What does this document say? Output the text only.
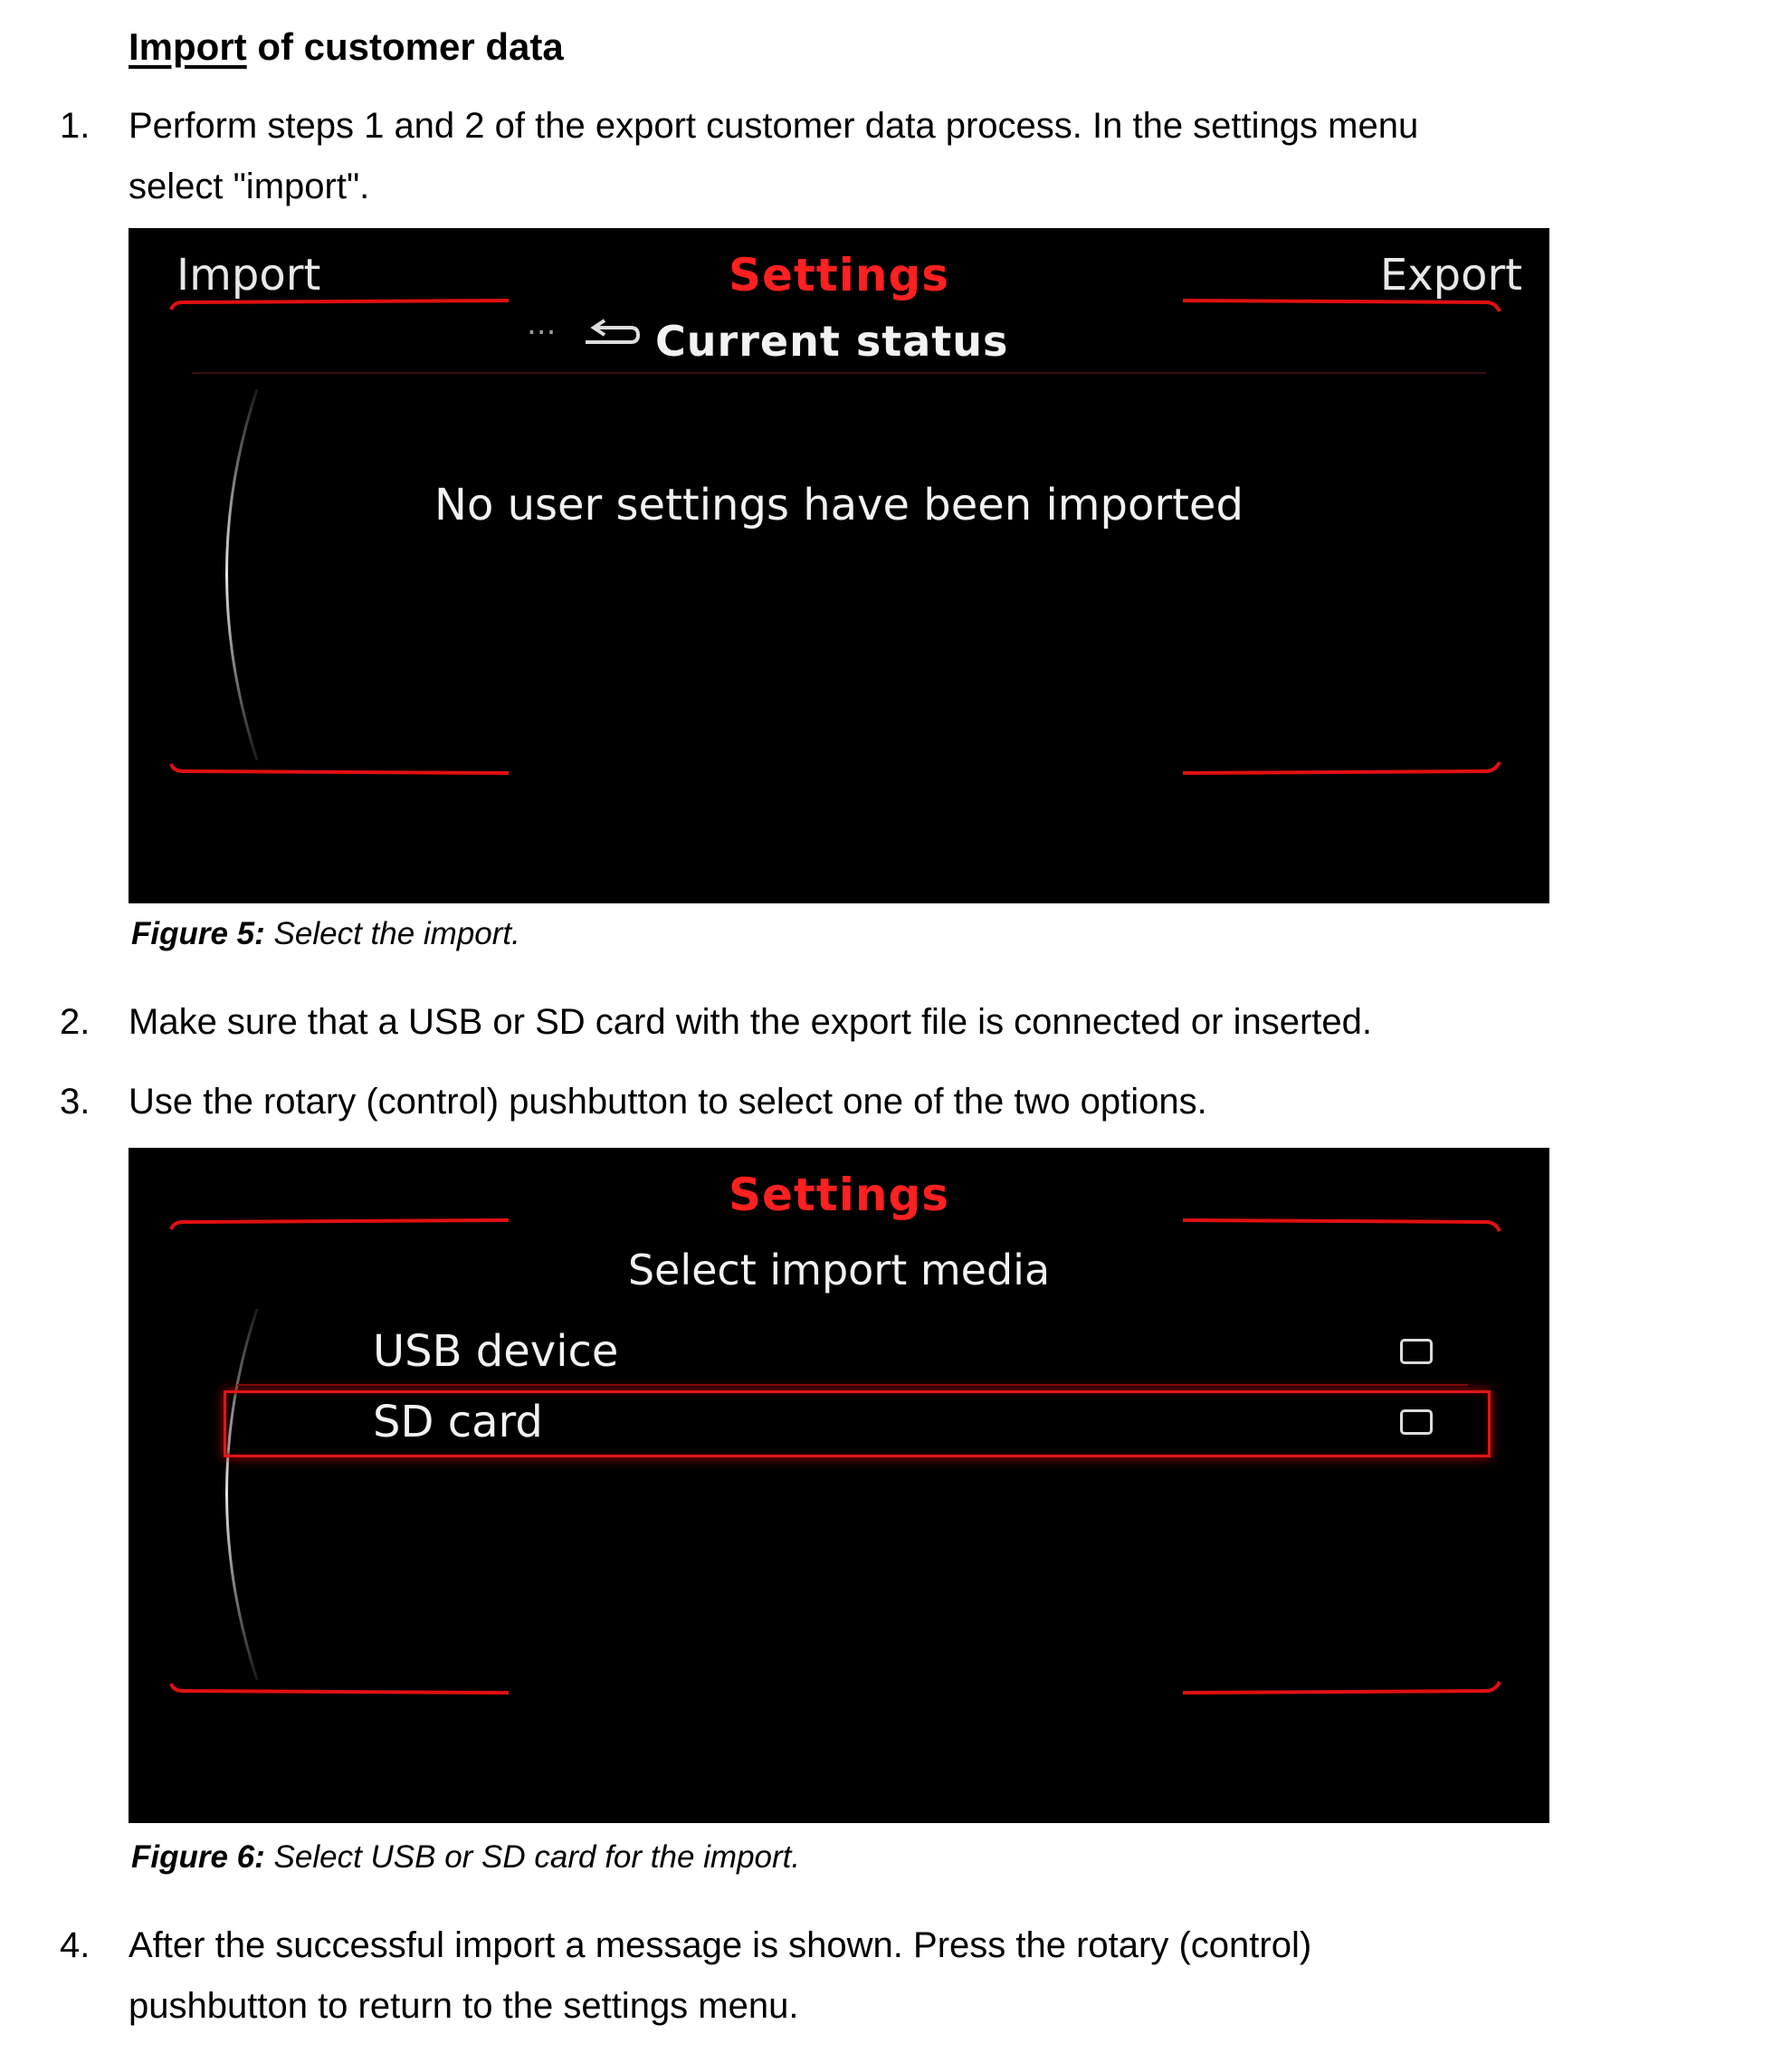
Import of customer data
1. Perform steps 1 and 2 of the export customer data process. In the settings menu
select "import".
Import	Settings	Export
... Current status
No user settings have been imported
Figure 5: Select the import.
2. Make sure that a USB or SD card with the export file is connected or inserted.
3. Use the rotary (control) pushbutton to select one of the two options.
Settings
Select import media
USB device
SD card
Figure 6: Select USB or SD card for the import.
4. After the successful import a message is shown. Press the rotary (control)
pushbutton to return to the settings menu.
